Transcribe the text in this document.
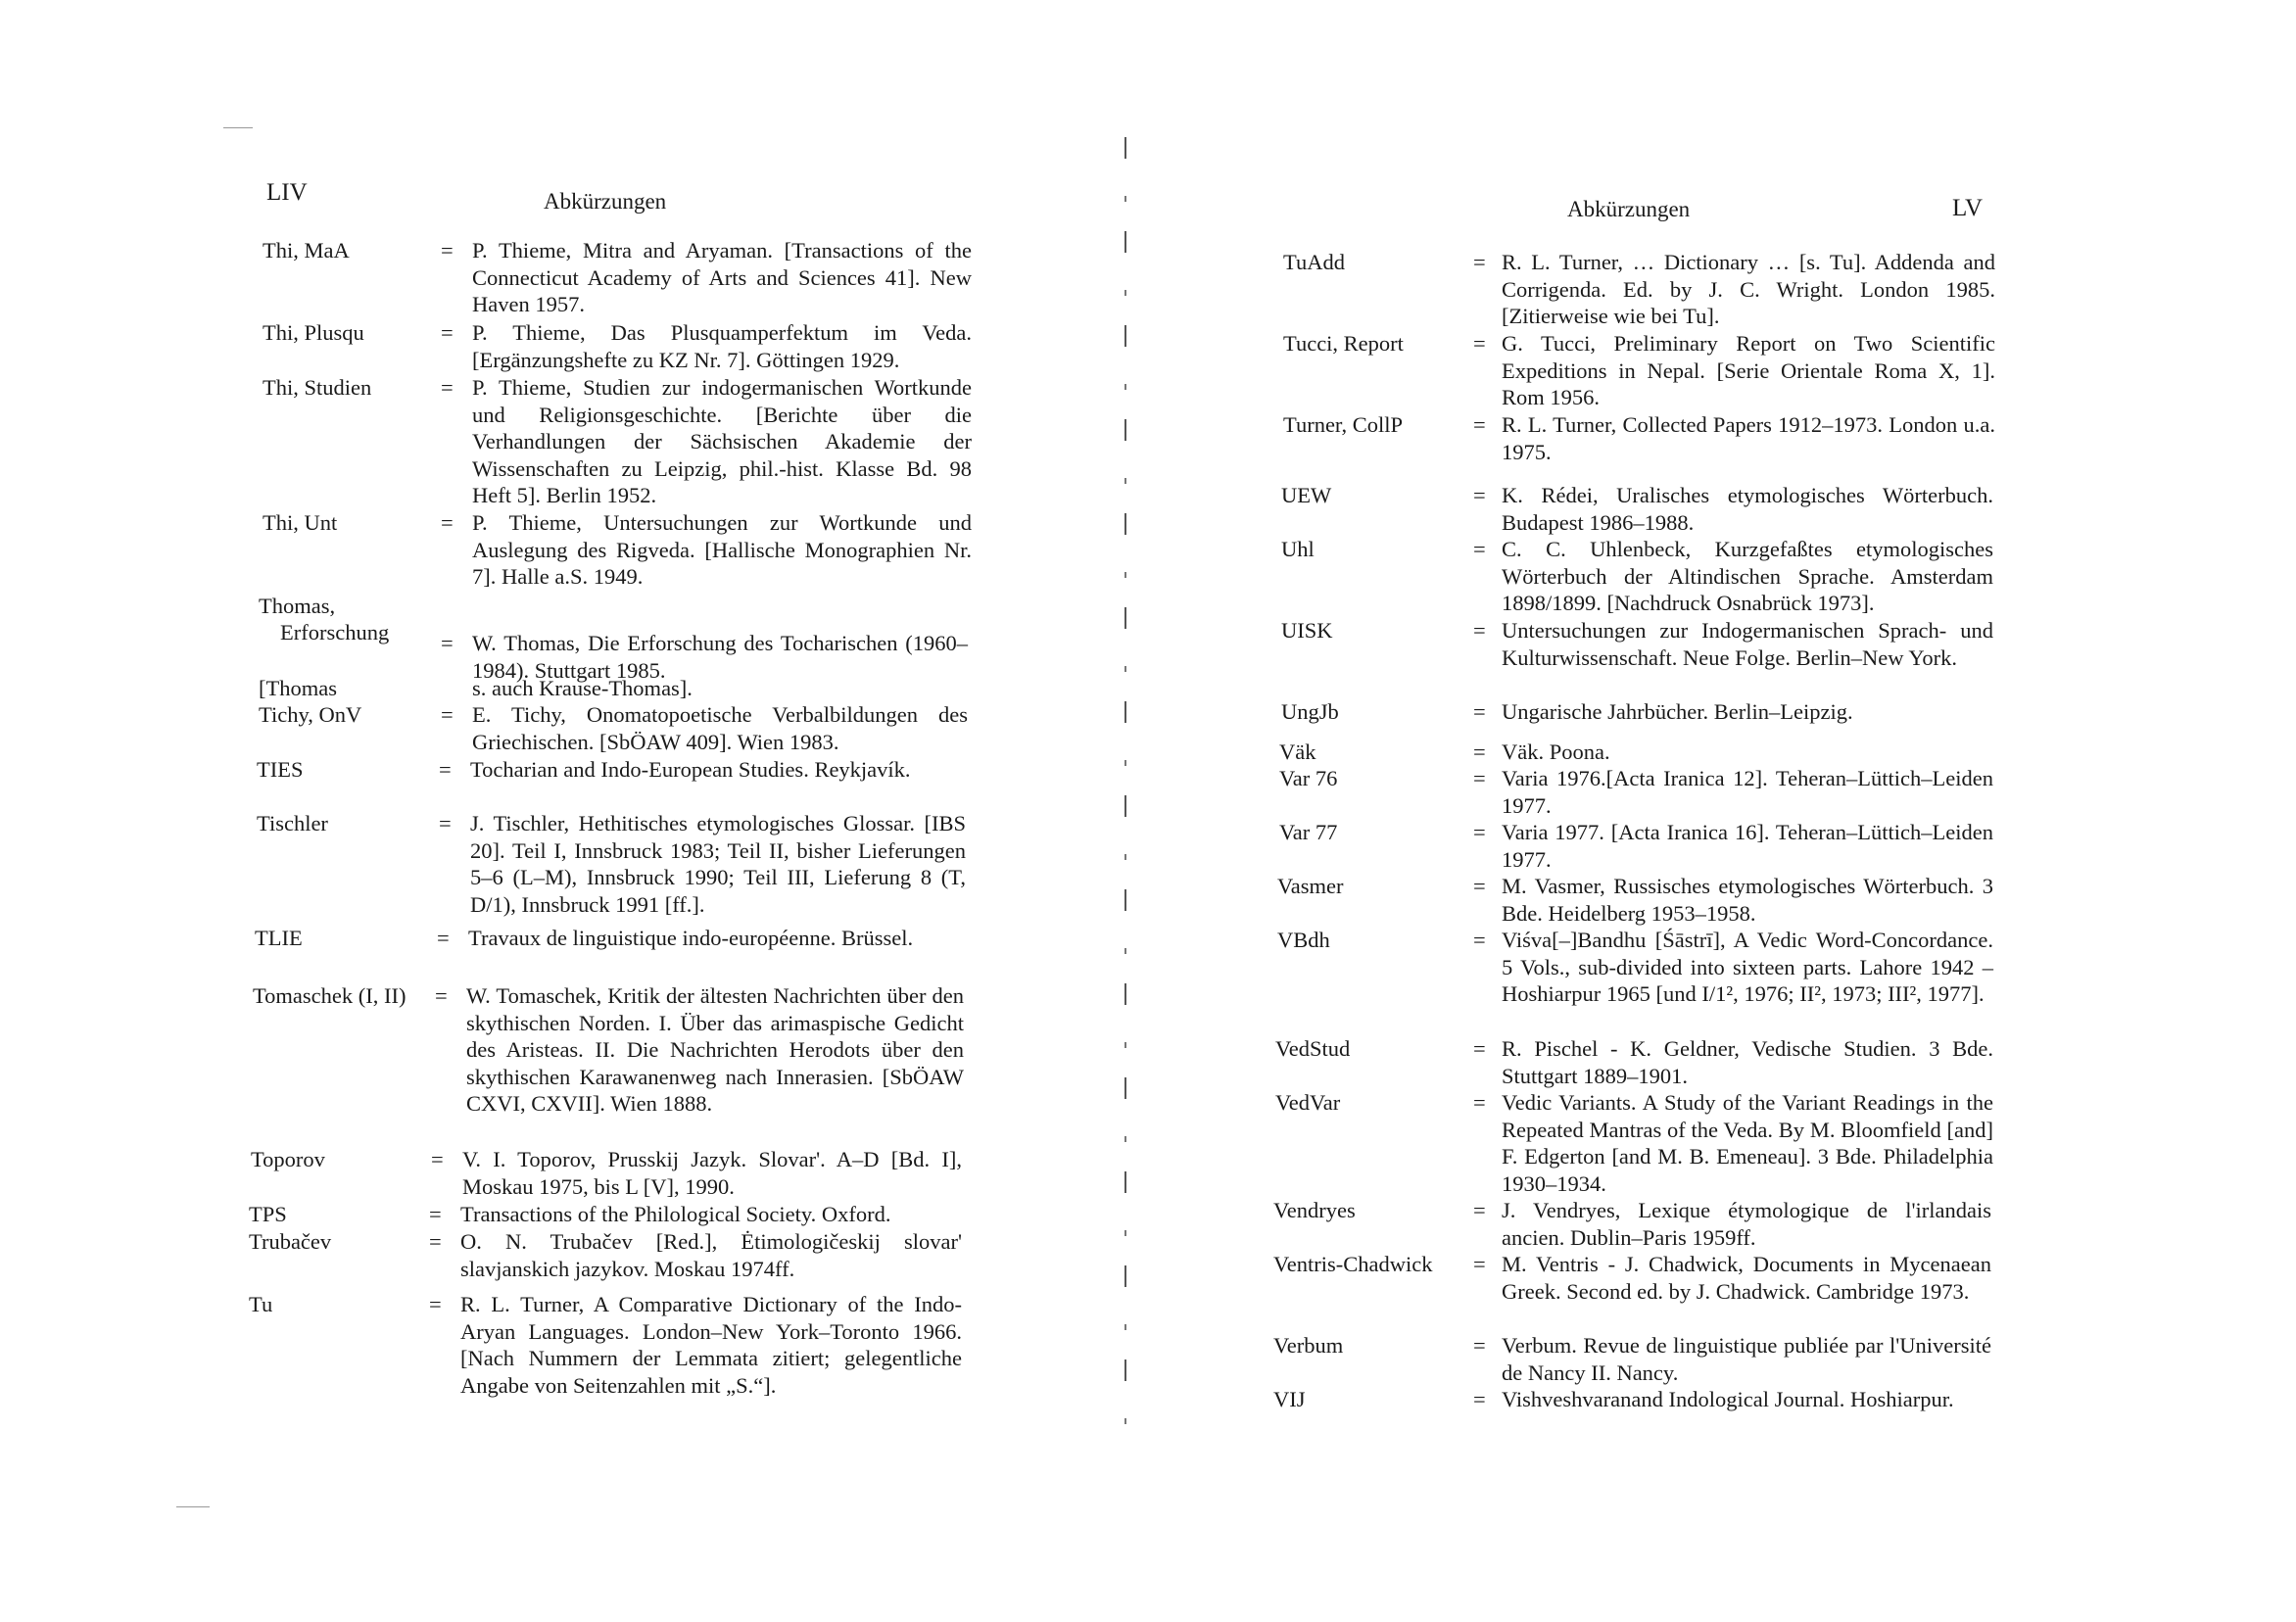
LIV	Abkürzungen
Thi, MaA	= P. Thieme, Mitra and Aryaman. [Transactions of the Connecticut Academy of Arts and Sciences 41]. New Haven 1957.
Thi, Plusqu	= P. Thieme, Das Plusquamperfektum im Veda. [Ergänzungshefte zu KZ Nr. 7]. Göttingen 1929.
Thi, Studien	= P. Thieme, Studien zur indogermanischen Wortkunde und Religionsgeschichte. [Berichte über die Verhandlungen der Sächsischen Akademie der Wissenschaften zu Leipzig, phil.-hist. Klasse Bd. 98 Heft 5]. Berlin 1952.
Thi, Unt	= P. Thieme, Untersuchungen zur Wortkunde und Auslegung des Rigveda. [Hallische Monographien Nr. 7]. Halle a.S. 1949.
Thomas,
Erforschung = W. Thomas, Die Erforschung des Tocharischen (1960–1984). Stuttgart 1985.
[Thomas	s. auch Krause-Thomas].
Tichy, OnV	= E. Tichy, Onomatopoetische Verbalbildungen des Griechischen. [SbÖAW 409]. Wien 1983.
TIES	= Tocharian and Indo-European Studies. Reykjavík.
Tischler	= J. Tischler, Hethitisches etymologisches Glossar. [IBS 20]. Teil I, Innsbruck 1983; Teil II, bisher Lieferungen 5–6 (L–M), Innsbruck 1990; Teil III, Lieferung 8 (T, D/1), Innsbruck 1991 [ff.].
TLIE	= Travaux de linguistique indo-européenne. Brüssel.
Tomaschek (I, II) = W. Tomaschek, Kritik der ältesten Nachrichten über den skythischen Norden. I. Über das arimaspische Gedicht des Aristeas. II. Die Nachrichten Herodots über den skythischen Karawanenweg nach Innerasien. [SbÖAW CXVI, CXVII]. Wien 1888.
Toporov	= V. I. Toporov, Prusskij Jazyk. Slovar'. A–D [Bd. I], Moskau 1975, bis L [V], 1990.
TPS	= Transactions of the Philological Society. Oxford.
Trubačev	= O. N. Trubačev [Red.], Ėtimologičeskij slovar' slavjanskich jazykov. Moskau 1974ff.
Tu	= R. L. Turner, A Comparative Dictionary of the Indo-Aryan Languages. London–New York–Toronto 1966. [Nach Nummern der Lemmata zitiert; gelegentliche Angabe von Seitenzahlen mit „S.“].
Abkürzungen	LV
TuAdd	= R. L. Turner, … Dictionary … [s. Tu]. Addenda and Corrigenda. Ed. by J. C. Wright. London 1985. [Zitierweise wie bei Tu].
Tucci, Report	= G. Tucci, Preliminary Report on Two Scientific Expeditions in Nepal. [Serie Orientale Roma X, 1]. Rom 1956.
Turner, CollP	= R. L. Turner, Collected Papers 1912–1973. London u.a. 1975.
UEW	= K. Rédei, Uralisches etymologisches Wörterbuch. Budapest 1986–1988.
Uhl	= C. C. Uhlenbeck, Kurzgefaßtes etymologisches Wörterbuch der Altindischen Sprache. Amsterdam 1898/1899. [Nachdruck Osnabrück 1973].
UISK	= Untersuchungen zur Indogermanischen Sprach- und Kulturwissenschaft. Neue Folge. Berlin–New York.
UngJb	= Ungarische Jahrbücher. Berlin–Leipzig.
Väk	= Väk. Poona.
Var 76	= Varia 1976.[Acta Iranica 12]. Teheran–Lüttich–Leiden 1977.
Var 77	= Varia 1977. [Acta Iranica 16]. Teheran–Lüttich–Leiden 1977.
Vasmer	= M. Vasmer, Russisches etymologisches Wörterbuch. 3 Bde. Heidelberg 1953–1958.
VBdh	= Viśva[–]Bandhu [Śāstrī], A Vedic Word-Concordance. 5 Vols., sub-divided into sixteen parts. Lahore 1942 – Hoshiarpur 1965 [und I/1², 1976; II², 1973; III², 1977].
VedStud	= R. Pischel - K. Geldner, Vedische Studien. 3 Bde. Stuttgart 1889–1901.
VedVar	= Vedic Variants. A Study of the Variant Readings in the Repeated Mantras of the Veda. By M. Bloomfield [and] F. Edgerton [and M. B. Emeneau]. 3 Bde. Philadelphia 1930–1934.
Vendryes	= J. Vendryes, Lexique étymologique de l'irlandais ancien. Dublin–Paris 1959ff.
Ventris-Chadwick = M. Ventris - J. Chadwick, Documents in Mycenaean Greek. Second ed. by J. Chadwick. Cambridge 1973.
Verbum	= Verbum. Revue de linguistique publiée par l'Université de Nancy II. Nancy.
VIJ	= Vishveshvaranand Indological Journal. Hoshiarpur.
